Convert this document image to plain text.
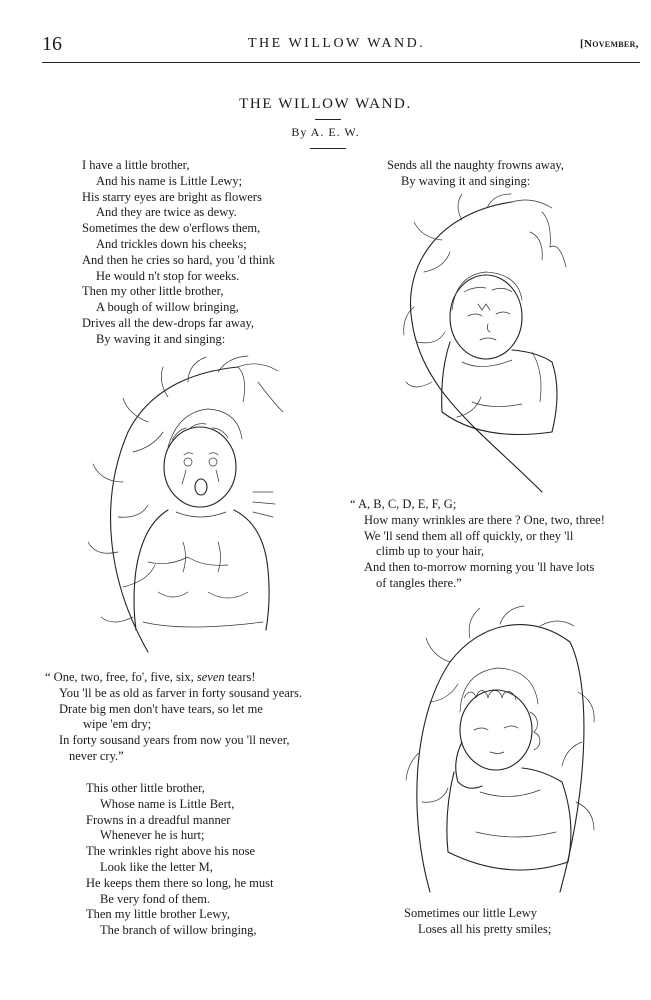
16	THE WILLOW WAND.	[November,
THE WILLOW WAND.
By A. E. W.
I have a little brother,
And his name is Little Lewy;
His starry eyes are bright as flowers
And they are twice as dewy.
Sometimes the dew o'erflows them,
And trickles down his cheeks;
And then he cries so hard, you 'd think
He would n't stop for weeks.
Then my other little brother,
A bough of willow bringing,
Drives all the dew-drops far away,
By waving it and singing:
“ One, two, free, fo', five, six, seven tears!
You 'll be as old as farver in forty sousand years.
Drate big men don't have tears, so let me
wipe 'em dry;
In forty sousand years from now you 'll never,
never cry.”
This other little brother,
Whose name is Little Bert,
Frowns in a dreadful manner
Whenever he is hurt;
The wrinkles right above his nose
Look like the letter M,
He keeps them there so long, he must
Be very fond of them.
Then my little brother Lewy,
The branch of willow bringing,
Sends all the naughty frowns away,
By waving it and singing:
“ A, B, C, D, E, F, G;
How many wrinkles are there ? One, two, three!
We 'll send them all off quickly, or they 'll
climb up to your hair,
And then to-morrow morning you 'll have lots
of tangles there.”
Sometimes our little Lewy
Loses all his pretty smiles;
